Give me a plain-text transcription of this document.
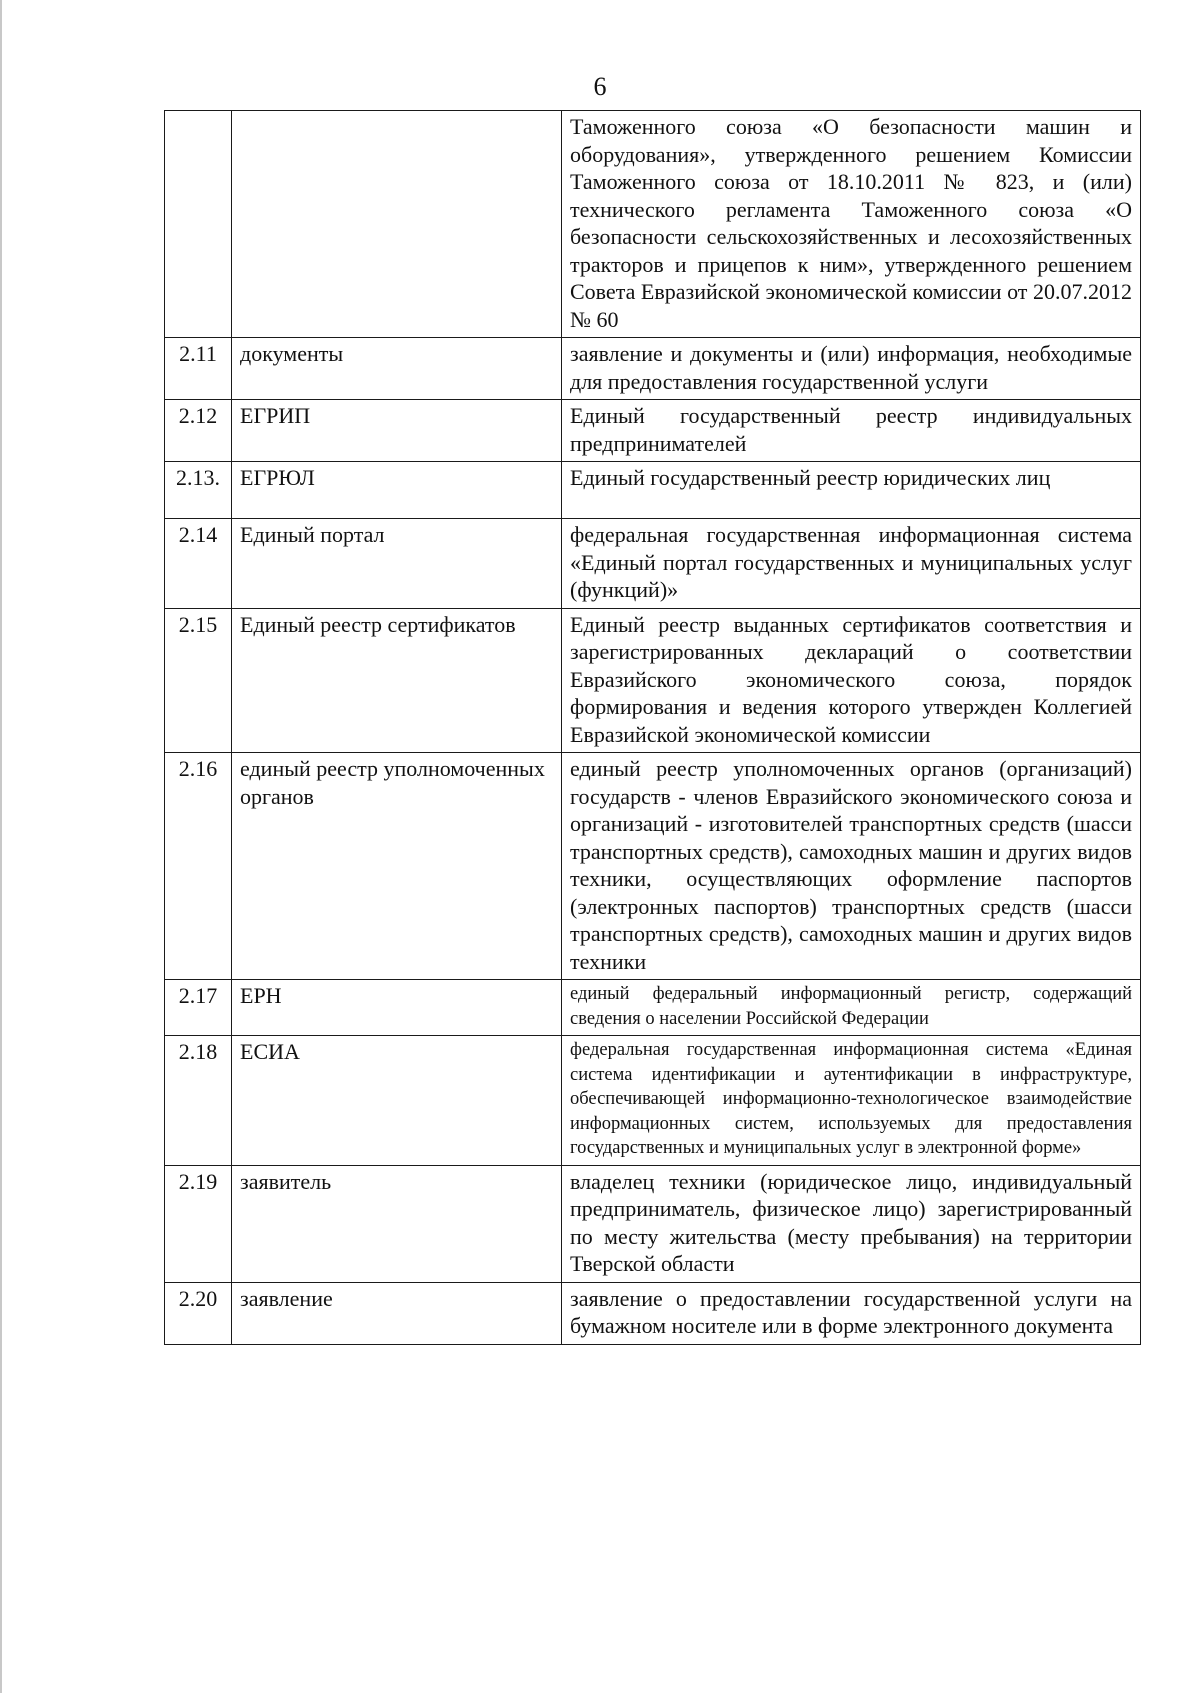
6
		Таможенного союза «О безопасности машин и оборудования», утвержденного решением Комиссии Таможенного союза от 18.10.2011 № 823, и (или) технического регламента Таможенного союза «О безопасности сельскохозяйственных и лесохозяйственных тракторов и прицепов к ним», утвержденного решением Совета Евразийской экономической комиссии от 20.07.2012 № 60
2.11	документы	заявление и документы и (или) информация, необходимые для предоставления государственной услуги
2.12	ЕГРИП	Единый государственный реестр индивидуальных предпринимателей
2.13.	ЕГРЮЛ	Единый государственный реестр юридических лиц
2.14	Единый портал	федеральная государственная информационная система «Единый портал государственных и муниципальных услуг (функций)»
2.15	Единый реестр сертификатов	Единый реестр выданных сертификатов соответствия и зарегистрированных деклараций о соответствии Евразийского экономического союза, порядок формирования и ведения которого утвержден Коллегией Евразийской экономической комиссии
2.16	единый реестр уполномоченных органов	единый реестр уполномоченных органов (организаций) государств - членов Евразийского экономического союза и организаций - изготовителей транспортных средств (шасси транспортных средств), самоходных машин и других видов техники, осуществляющих оформление паспортов (электронных паспортов) транспортных средств (шасси транспортных средств), самоходных машин и других видов техники
2.17	ЕРН	единый федеральный информационный регистр, содержащий сведения о населении Российской Федерации
2.18	ЕСИА	федеральная государственная информационная система «Единая система идентификации и аутентификации в инфраструктуре, обеспечивающей информационно-технологическое взаимодействие информационных систем, используемых для предоставления государственных и муниципальных услуг в электронной форме»
2.19	заявитель	владелец техники (юридическое лицо, индивидуальный предприниматель, физическое лицо) зарегистрированный по месту жительства (месту пребывания) на территории Тверской области
2.20	заявление	заявление о предоставлении государственной услуги на бумажном носителе или в форме электронного документа
